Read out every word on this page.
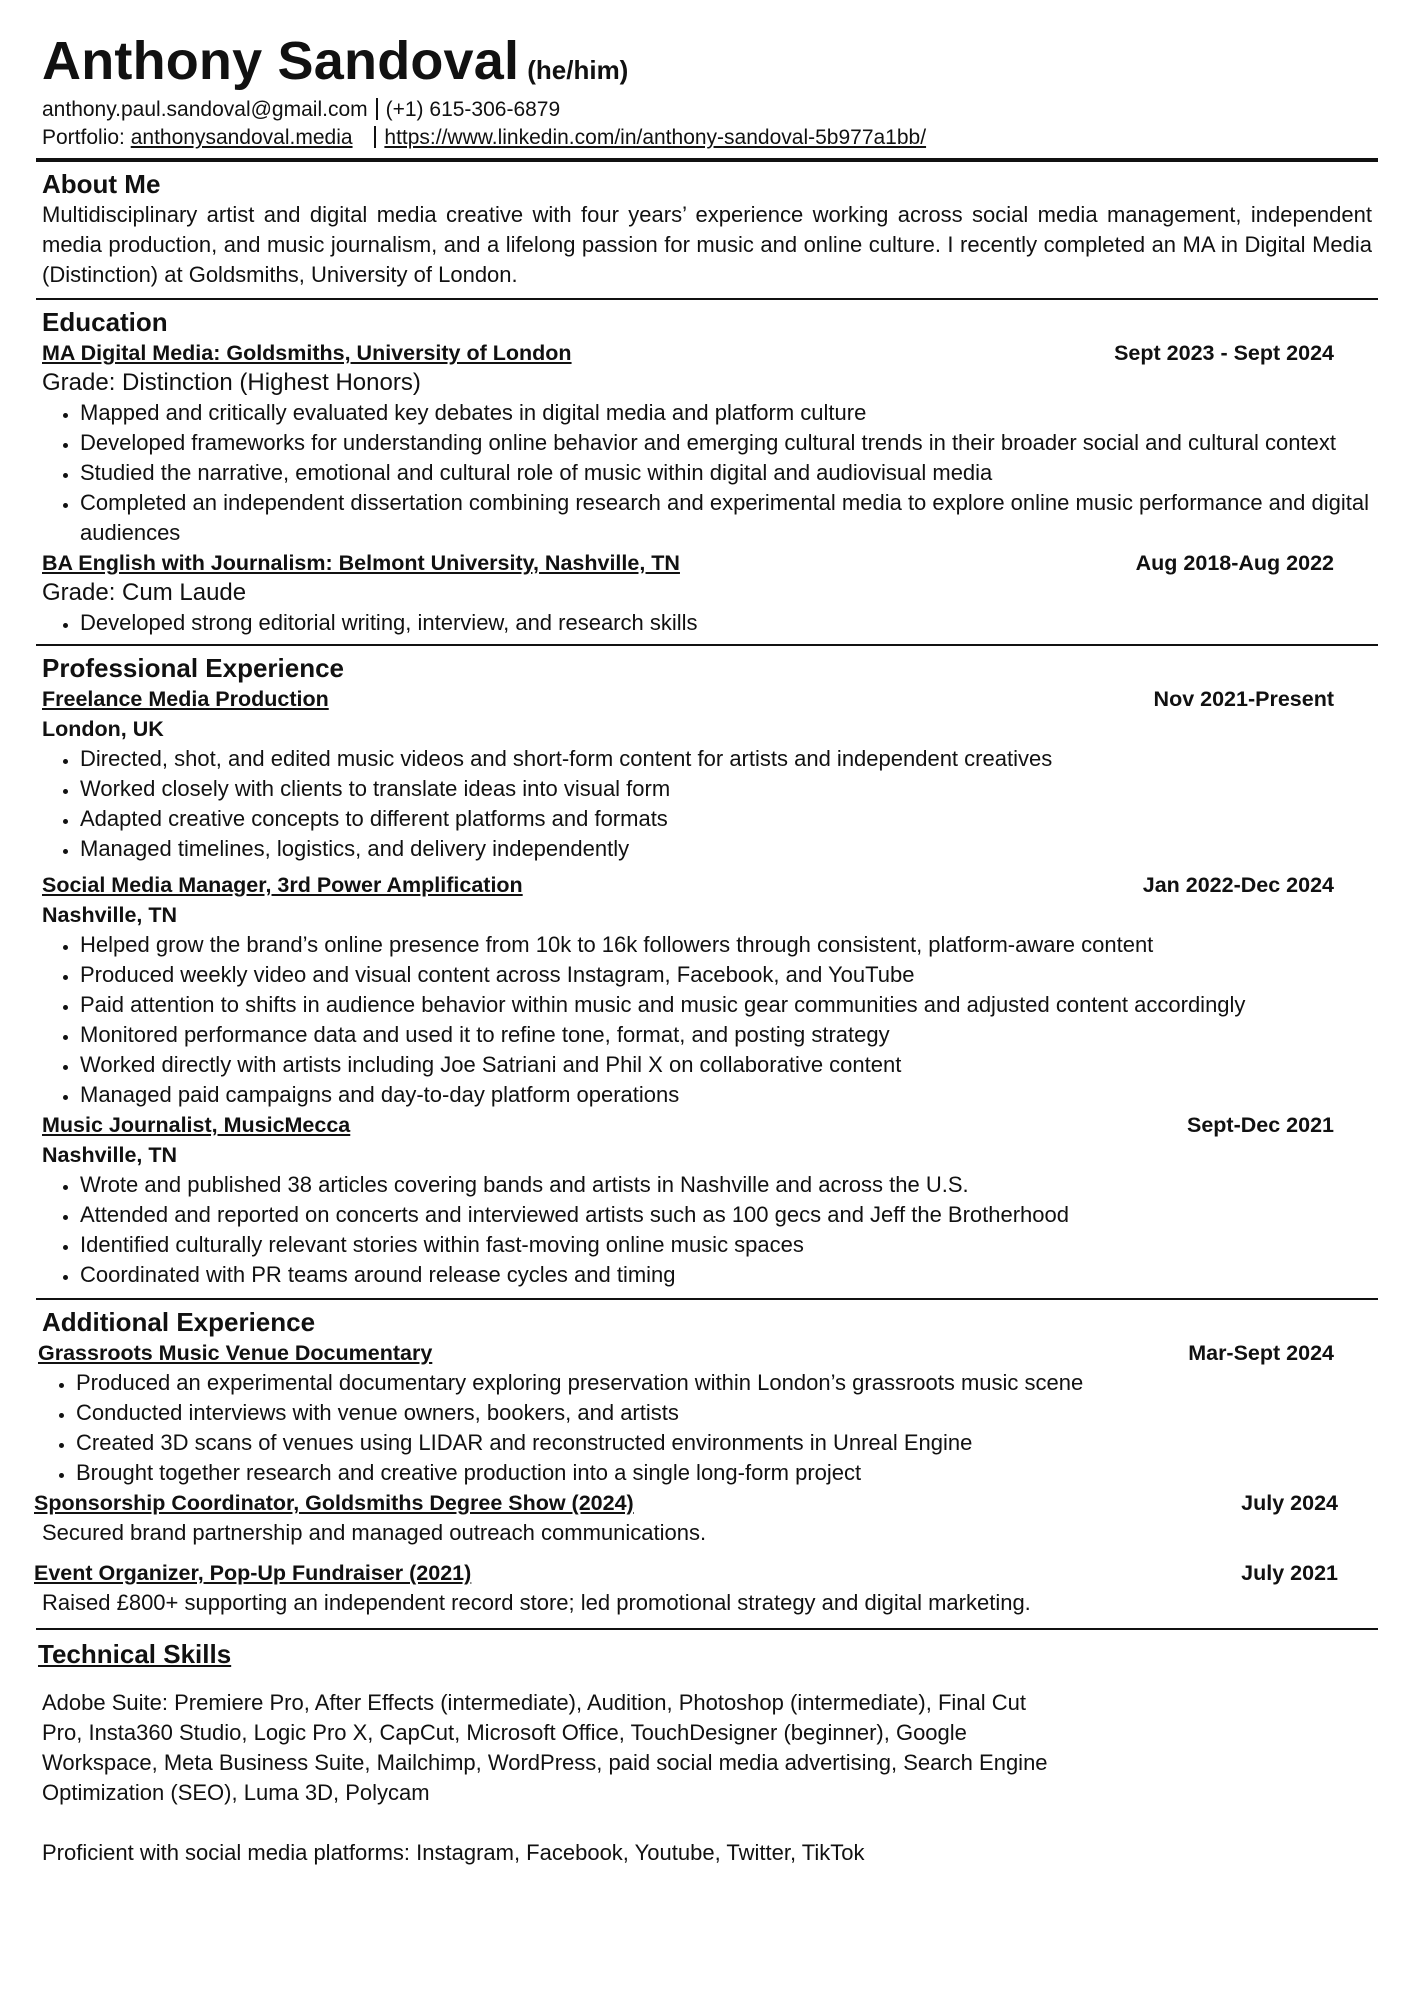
Anthony Sandoval (he/him)
anthony.paul.sandoval@gmail.com (+1) 615-306-6879
Portfolio: anthonysandoval.media https://www.linkedin.com/in/anthony-sandoval-5b977a1bb/
About Me
Multidisciplinary artist and digital media creative with four years’ experience working across social media management, independent media production, and music journalism, and a lifelong passion for music and online culture. I recently completed an MA in Digital Media (Distinction) at Goldsmiths, University of London.
Education
MA Digital Media: Goldsmiths, University of London	Sept 2023 - Sept 2024
Grade: Distinction (Highest Honors)
• Mapped and critically evaluated key debates in digital media and platform culture
• Developed frameworks for understanding online behavior and emerging cultural trends in their broader social and cultural context
• Studied the narrative, emotional and cultural role of music within digital and audiovisual media
• Completed an independent dissertation combining research and experimental media to explore online music performance and digital audiences
BA English with Journalism: Belmont University, Nashville, TN	Aug 2018-Aug 2022
Grade: Cum Laude
• Developed strong editorial writing, interview, and research skills
Professional Experience
Freelance Media Production	Nov 2021-Present
London, UK
• Directed, shot, and edited music videos and short-form content for artists and independent creatives
• Worked closely with clients to translate ideas into visual form
• Adapted creative concepts to different platforms and formats
• Managed timelines, logistics, and delivery independently
Social Media Manager, 3rd Power Amplification	Jan 2022-Dec 2024
Nashville, TN
• Helped grow the brand’s online presence from 10k to 16k followers through consistent, platform-aware content
• Produced weekly video and visual content across Instagram, Facebook, and YouTube
• Paid attention to shifts in audience behavior within music and music gear communities and adjusted content accordingly
• Monitored performance data and used it to refine tone, format, and posting strategy
• Worked directly with artists including Joe Satriani and Phil X on collaborative content
• Managed paid campaigns and day-to-day platform operations
Music Journalist, MusicMecca	Sept-Dec 2021
Nashville, TN
• Wrote and published 38 articles covering bands and artists in Nashville and across the U.S.
• Attended and reported on concerts and interviewed artists such as 100 gecs and Jeff the Brotherhood
• Identified culturally relevant stories within fast-moving online music spaces
• Coordinated with PR teams around release cycles and timing
Additional Experience
Grassroots Music Venue Documentary	Mar-Sept 2024
• Produced an experimental documentary exploring preservation within London’s grassroots music scene
• Conducted interviews with venue owners, bookers, and artists
• Created 3D scans of venues using LIDAR and reconstructed environments in Unreal Engine
• Brought together research and creative production into a single long-form project
Sponsorship Coordinator, Goldsmiths Degree Show (2024)	July 2024
Secured brand partnership and managed outreach communications.
Event Organizer, Pop-Up Fundraiser (2021)	July 2021
Raised £800+ supporting an independent record store; led promotional strategy and digital marketing.
Technical Skills
Adobe Suite: Premiere Pro, After Effects (intermediate), Audition, Photoshop (intermediate), Final Cut Pro, Insta360 Studio, Logic Pro X, CapCut, Microsoft Office, TouchDesigner (beginner), Google Workspace, Meta Business Suite, Mailchimp, WordPress, paid social media advertising, Search Engine Optimization (SEO), Luma 3D, Polycam
Proficient with social media platforms: Instagram, Facebook, Youtube, Twitter, TikTok
